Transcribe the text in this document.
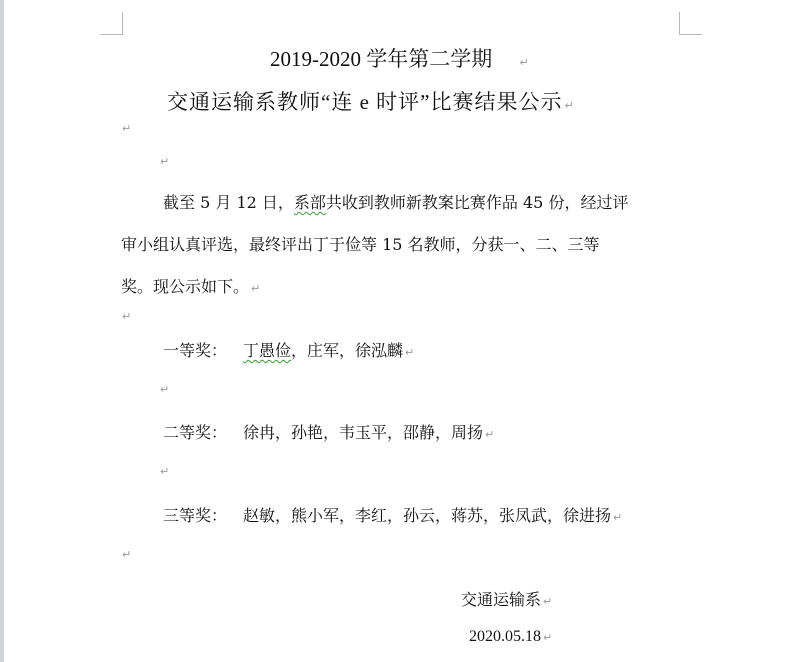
2019-2020 学年第二学期 ↵
交通运输系教师“连 e 时评”比赛结果公示 ↵
↵
↵
截至 5 月 12 日，系部共收到教师新教案比赛作品 45 份，经过评
审小组认真评选，最终评出丁于俭等 15 名教师，分获一、二、三等
奖。现公示如下。 ↵
↵
一等奖： 丁愚俭，庄军，徐泓麟 ↵
↵
二等奖： 徐冉，孙艳，韦玉平，邵静，周扬 ↵
↵
三等奖： 赵敏，熊小军，李红，孙云，蒋苏，张凤武，徐进扬 ↵
↵
交通运输系 ↵
2020.05.18 ↵
